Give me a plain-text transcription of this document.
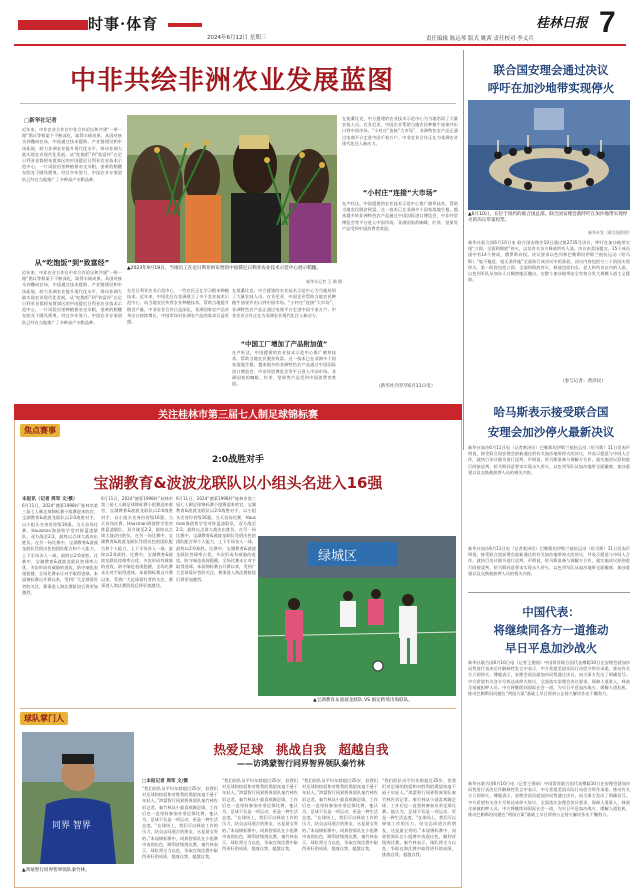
时事·体育
2024年6月12日 星期三	责任编辑 陈远琴 版式 姚茜 责任校对 李义兵
桂林日报 7
中非共绘非洲农业发展蓝图
□新华社记者
近年来，中非农业合作在中非合作论坛和共建“一带一路”倡议等框架下不断深化，取得丰硕成果。从国对接头到撒向农场，中国通过技术援助、产业链建设和市场拓展，助力非洲农业提升现代化水平，带动非洲大陆实现农业现代化发展。从“吃饱饭”到“致富经”在尼日利亚首都阿布贾郊区的中国援尼日利亚农业技术示范中心，一片试验田里种植着杂交水稻，金黄的稻穗在阳光下随风摇曳。经过多年努力，中国农业专家团队已经在当地推广了多种高产水稻品种。
从“吃饱饭”到“致富经”
近年来，中非农业合作在中非合作论坛和共建“一带一路”倡议等框架下不断深化，取得丰硕成果。从国对接头到撒向农场，中国通过技术援助、产业链建设和市场拓展，助力非洲农业提升现代化水平，带动非洲大陆实现农业现代化发展。从“吃饱饭”到“致富经”在尼日利亚首都阿布贾郊区的中国援尼日利亚农业技术示范中心，一片试验田里种植着杂交水稻，金黄的稻穗在阳光下随风摇曳。经过多年努力，中国农业专家团队已经在当地推广了多种高产水稻品种。
在尼日利亚农业示范中心，一些农民正在学习稻米种植技术。近年来，中国先后在非洲建立了多个农业技术示范中心，向当地农民传授农业种植技术，帮助当地提升粮食产量。中非农业合作日益深化，非洲国家农产品对华出口持续增长，中国市场对非洲农产品的需求日益旺盛。
“中国工厂增加了产品附加值”
在莫桑比克，中方援建的农业技术示范中心为当地培训了大量农技人员。在肯尼亚，中国企业帮助当地农民种植牛油果并出口到中国市场。“小村庄”连接“大市场”，非洲特色农产品正通过电商平台走进中国千家万户。中非农业合作正在为非洲农业现代化注入新动力。
在卢旺达，中国援建的农业技术示范中心推广菌草技术，帮助当地农民脱贫致富。这一技术已在非洲多个国家落地生根。越来越多的非洲特色农产品通过中国国际进口博览会、中非经贸博览会等平台进入中国市场。非洲国家的咖啡、红茶、坚果等产品受到中国消费者欢迎。
在莫桑比克，中方援建的农业技术示范中心为当地培训了大量农技人员。在肯尼亚，中国企业帮助当地农民种植牛油果并出口到中国市场。“小村庄”连接“大市场”，非洲特色农产品正通过电商平台走进中国千家万户。中非农业合作正在为非洲农业现代化注入新动力。
“小村庄”连接“大市场”
在卢旺达，中国援建的农业技术示范中心推广菌草技术，帮助当地农民脱贫致富。这一技术已在非洲多个国家落地生根。越来越多的非洲特色农产品通过中国国际进口博览会、中非经贸博览会等平台进入中国市场。非洲国家的咖啡、红茶、坚果等产品受到中国消费者欢迎。
（新华社内罗毕6月11日电）
▲2023年9月19日，当地员工在尼日利亚阿布贾的中国援尼日利亚农业技术示范中心展示稻穗。
新华社记者 王 倜 摄
联合国安理会通过决议
呼吁在加沙地带实现停火
▲6月10日，在位于纽约的联合国总部，联合国安理会就呼吁在加沙地带实现停火的决议草案投票。
新华社发（联合国供图）
新华社联合国6月10日电 联合国安理会10日通过第2735号决议，呼吁在加沙地带实现“立即、全面和彻底”停火，以及有关各方释放所有人质。决议由美国提交，15个成员国中有14个赞成，俄罗斯弃权。决议要求以色列和巴勒斯坦伊斯兰抵抗运动（哈马斯）“毫不拖延、毫无条件地”全面执行该决议中的条款。决议内容包括分三个阶段实现停火。第一阶段包括立即、全面和彻底停火，释放包括妇女、老人和伤员在内的人质，以色列军队从加沙人口稠密地区撤出，在整个加沙地带安全有效分发大规模人道主义援助。
（参与记者：黄泽民）
哈马斯表示接受联合国
安理会加沙停火最新决议
新华社加沙6月11日电（记者黄泽民）巴勒斯坦伊斯兰抵抗运动（哈马斯）11日发表声明说，接受联合国安理会最新通过的有关加沙地带停火的决议，并表示愿意与中间人合作，就执行决议细节进行谈判。声明说，哈马斯准备与调解方合作，就实施决议原则进行间接谈判，哈马斯同意要求实现永久停火、以色列军队从加沙地带全面撤离、加沙重建以及交换被扣押人员的相关内容。
新华社加沙6月11日电（记者黄泽民）巴勒斯坦伊斯兰抵抗运动（哈马斯）11日发表声明说，接受联合国安理会最新通过的有关加沙地带停火的决议，并表示愿意与中间人合作，就执行决议细节进行谈判。声明说，哈马斯准备与调解方合作，就实施决议原则进行间接谈判，哈马斯同意要求实现永久停火、以色列军队从加沙地带全面撤离、加沙重建以及交换被扣押人员的相关内容。
中国代表：
将继续同各方一道推动
早日平息加沙战火
新华社联合国6月10日电（记者王建刚）中国常驻联合国代表傅聪10日在安理会就加沙局势进行表决后作解释性发言中表示，中方希望美国实际行动信守所作承诺，推动有关方立即停火。傅聪表示，安理会再次就加沙局势通过决议，向当事方发出了明确信号。中方希望有关各方尽快达成停火协议，全面落实安理会决议要求，保障人道准入，释放全部被扣押人员。中方将继续同国际社会一道，为早日平息加沙战火、缓解人道危机、推动巴勒斯坦问题在“两国方案”基础上早日得到公正持久解决作出不懈努力。
新华社联合国6月10日电（记者王建刚）中国常驻联合国代表傅聪10日在安理会就加沙局势进行表决后作解释性发言中表示，中方希望美国实际行动信守所作承诺，推动有关方立即停火。傅聪表示，安理会再次就加沙局势通过决议，向当事方发出了明确信号。中方希望有关各方尽快达成停火协议，全面落实安理会决议要求，保障人道准入，释放全部被扣押人员。中方将继续同国际社会一道，为早日平息加沙战火、缓解人道危机、推动巴勒斯坦问题在“两国方案”基础上早日得到公正持久解决作出不懈努力。
关注桂林市第三届七人制足球锦标赛
焦点赛事
2:0战胜对手
宝湖教育&波波龙联队以小组头名进入16强
本报讯（记者 周军 文/摄）
6月11日，2024“德莱1998杯”桂林市第三届七人制足球锦标赛小组赛迎来收官，宝湖教育&波波龙联队以2:0战胜对手，以小组头名身份晋级16强。当天首场比赛，Hausman海创智学堂对阵蓝凌联队，双方战至2:2，最终以点球大战决出胜负。在另一场比赛中，宝湖教育&波波龙联队凭借出色的团队配合和个人能力，上下半场各入一球，最终以2:0获胜。比赛中，宝湖教育&波波龙联队控球率占优，多次形成有威胁的进攻，防守端也表现稳健，全场比赛未让对手取得进球。本届锦标赛自开赛以来，受到广大足球爱好者的关注，赛事进入淘汰赛阶段后将更加激烈。
6月11日，2024“德莱1998杯”桂林市第三届七人制足球锦标赛小组赛迎来收官，宝湖教育&波波龙联队以2:0战胜对手，以小组头名身份晋级16强。当天首场比赛，Hausman海创智学堂对阵蓝凌联队，双方战至2:2，最终以点球大战决出胜负。在另一场比赛中，宝湖教育&波波龙联队凭借出色的团队配合和个人能力，上下半场各入一球，最终以2:0获胜。比赛中，宝湖教育&波波龙联队控球率占优，多次形成有威胁的进攻，防守端也表现稳健，全场比赛未让对手取得进球。本届锦标赛自开赛以来，受到广大足球爱好者的关注，赛事进入淘汰赛阶段后将更加激烈。
6月11日，2024“德莱1998杯”桂林市第三届七人制足球锦标赛小组赛迎来收官，宝湖教育&波波龙联队以2:0战胜对手，以小组头名身份晋级16强。当天首场比赛，Hausman海创智学堂对阵蓝凌联队，双方战至2:2，最终以点球大战决出胜负。在另一场比赛中，宝湖教育&波波龙联队凭借出色的团队配合和个人能力，上下半场各入一球，最终以2:0获胜。比赛中，宝湖教育&波波龙联队控球率占优，多次形成有威胁的进攻，防守端也表现稳健，全场比赛未让对手取得进球。本届锦标赛自开赛以来，受到广大足球爱好者的关注，赛事进入淘汰赛阶段后将更加激烈。
绿城区
▲宝湖教育＆波波龙联队 VS 搞定跨境出海联队。
球队掌门人
同界 智界
▲鸿蒙智行同界智界领队秦竹林。
热爱足球　挑战自我　超越自我
——访鸿蒙智行同界智界领队秦竹林
□本报记者 周军 文/摄
“我们的队员平均年龄超过35岁，但我们对足球的热爱和对胜利的渴望丝毫不逊于年轻人。”鸿蒙智行同界智界领队秦竹林告诉记者。秦竹林从小就喜欢踢足球，工作后也一直坚持参加业余足球比赛。他认为，足球不仅是一项运动，更是一种生活态度。“在球场上，我们可以释放工作的压力，结交志同道合的朋友，这是最宝贵的。”本届锦标赛中，同界智界队在小组赛中表现出色，顺利晋级淘汰赛。秦竹林表示，球队将全力以赴，争取在淘汰赛中取得更好的成绩，挑战自我、超越自我。
“我们的队员平均年龄超过35岁，但我们对足球的热爱和对胜利的渴望丝毫不逊于年轻人。”鸿蒙智行同界智界领队秦竹林告诉记者。秦竹林从小就喜欢踢足球，工作后也一直坚持参加业余足球比赛。他认为，足球不仅是一项运动，更是一种生活态度。“在球场上，我们可以释放工作的压力，结交志同道合的朋友，这是最宝贵的。”本届锦标赛中，同界智界队在小组赛中表现出色，顺利晋级淘汰赛。秦竹林表示，球队将全力以赴，争取在淘汰赛中取得更好的成绩，挑战自我、超越自我。
“我们的队员平均年龄超过35岁，但我们对足球的热爱和对胜利的渴望丝毫不逊于年轻人。”鸿蒙智行同界智界领队秦竹林告诉记者。秦竹林从小就喜欢踢足球，工作后也一直坚持参加业余足球比赛。他认为，足球不仅是一项运动，更是一种生活态度。“在球场上，我们可以释放工作的压力，结交志同道合的朋友，这是最宝贵的。”本届锦标赛中，同界智界队在小组赛中表现出色，顺利晋级淘汰赛。秦竹林表示，球队将全力以赴，争取在淘汰赛中取得更好的成绩，挑战自我、超越自我。
“我们的队员平均年龄超过35岁，但我们对足球的热爱和对胜利的渴望丝毫不逊于年轻人。”鸿蒙智行同界智界领队秦竹林告诉记者。秦竹林从小就喜欢踢足球，工作后也一直坚持参加业余足球比赛。他认为，足球不仅是一项运动，更是一种生活态度。“在球场上，我们可以释放工作的压力，结交志同道合的朋友，这是最宝贵的。”本届锦标赛中，同界智界队在小组赛中表现出色，顺利晋级淘汰赛。秦竹林表示，球队将全力以赴，争取在淘汰赛中取得更好的成绩，挑战自我、超越自我。
